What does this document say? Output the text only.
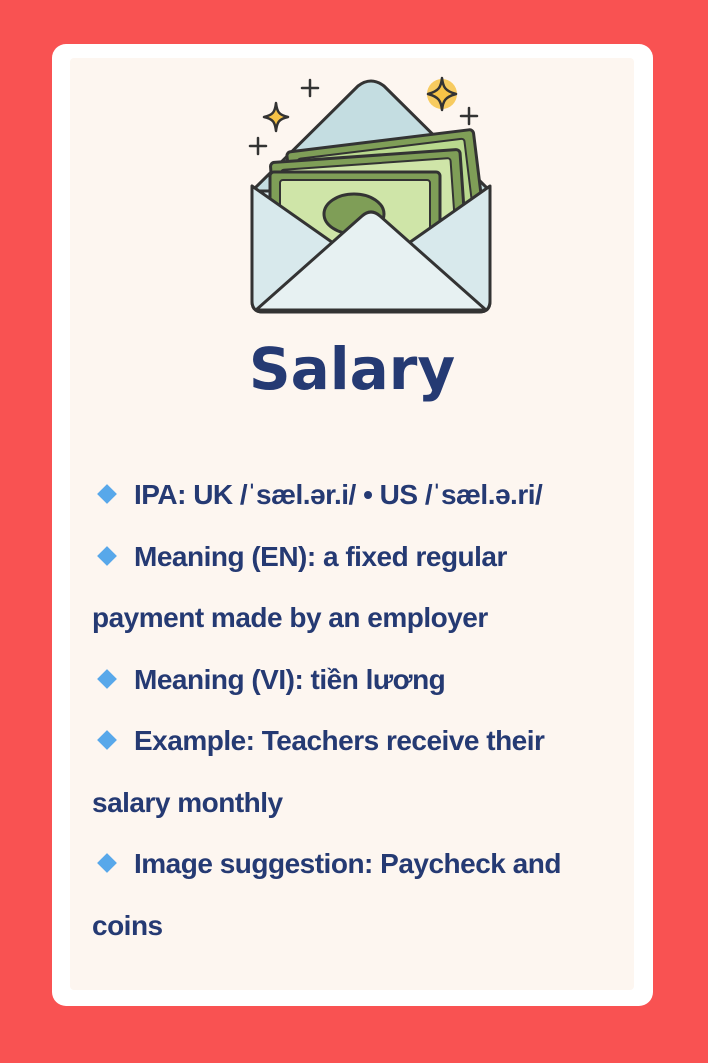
Salary
IPA: UK /ˈsæl.ər.i/ • US /ˈsæl.ə.ri/
Meaning (EN): a fixed regular payment made by an employer
Meaning (VI): tiền lương
Example: Teachers receive their salary monthly
Image suggestion: Paycheck and coins
